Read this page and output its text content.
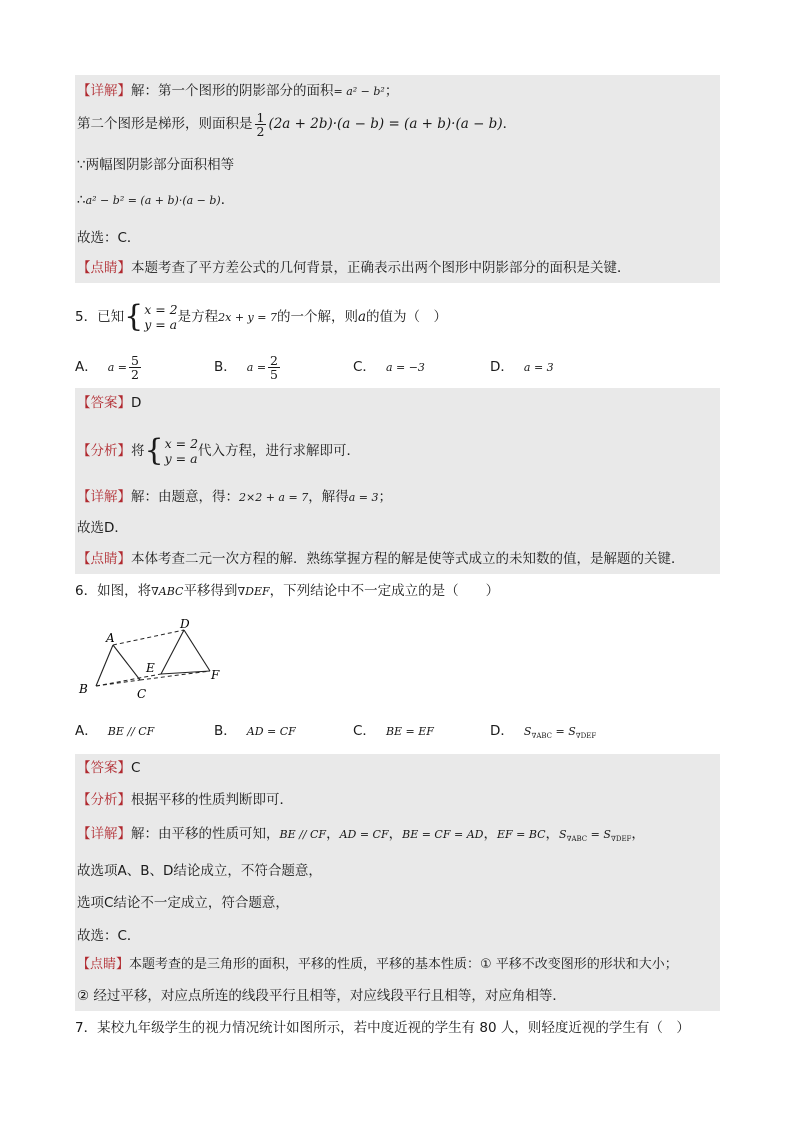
【详解】解：第一个图形的阴影部分的面积= a² − b²；
第二个图形是梯形，则面积是 $\frac{1}{2} (2a + 2b)\cdot(a - b) = (a + b)\cdot(a - b)$．
∵两幅图阴影部分面积相等
∴a² − b² = (a + b)·(a − b)．
故选：C．
【点睛】本题考查了平方差公式的几何背景，正确表示出两个图形中阴影部分的面积是关键．
5．已知{ x = 2
y = a 是方程2x + y = 7的一个解，则a的值为（　）
A． $a = \frac{5}{2}$	B． $a = \frac{2}{5}$	C． a = −3	D． a = 3
【答案】D
【分析】将{ x = 2
y = a 代入方程，进行求解即可．
【详解】解：由题意，得：2×2 + a = 7，解得a = 3；
故选D．
【点睛】本体考查二元一次方程的解．熟练掌握方程的解是使等式成立的未知数的值，是解题的关键．
6．如图，将∇ABC平移得到∇DEF，下列结论中不一定成立的是（　　）
A
B	C
D
E	F
A． BE // CF	B． AD = CF	C． BE = EF	D． $S_{\nabla ABC} = S_{\nabla DEF}$
【答案】C
【分析】根据平移的性质判断即可．
【详解】解：由平移的性质可知，BE // CF，AD = CF，BE = CF = AD，EF = BC，$S_{\nabla ABC} = S_{\nabla DEF}$，
故选项A、B、D结论成立，不符合题意，
选项C结论不一定成立，符合题意，
故选：C．
【点睛】本题考查的是三角形的面积，平移的性质，平移的基本性质：① 平移不改变图形的形状和大小；
② 经过平移，对应点所连的线段平行且相等，对应线段平行且相等，对应角相等．
7．某校九年级学生的视力情况统计如图所示，若中度近视的学生有 80 人，则轻度近视的学生有（　）
